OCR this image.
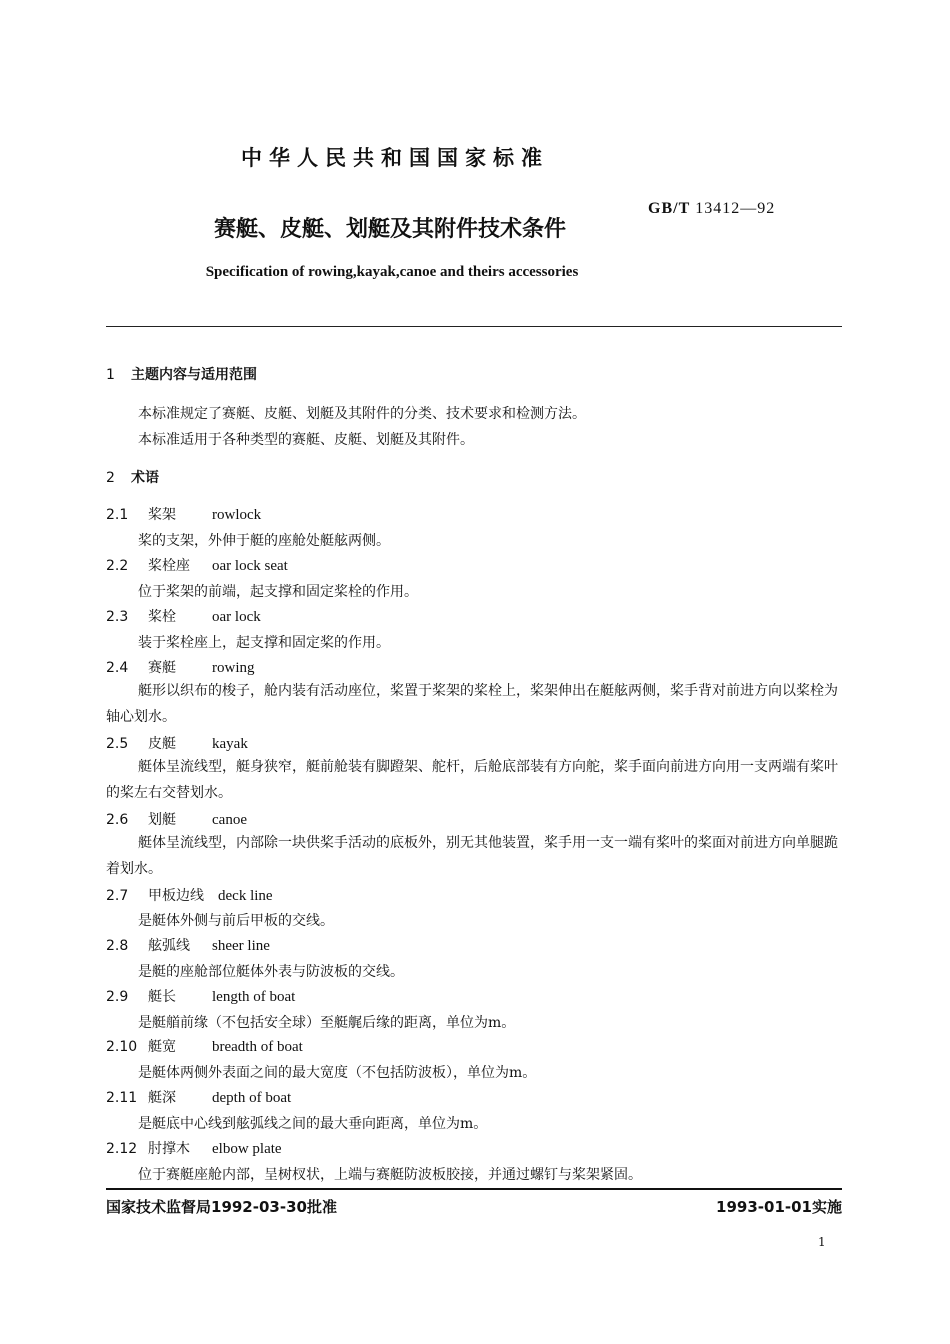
中华人民共和国国家标准
GB/T 13412—92
赛艇、皮艇、划艇及其附件技术条件
Specification of rowing,kayak,canoe and theirs accessories
1 主题内容与适用范围
本标准规定了赛艇、皮艇、划艇及其附件的分类、技术要求和检测方法。
本标准适用于各种类型的赛艇、皮艇、划艇及其附件。
2 术语
2.1 桨架 rowlock
桨的支架，外伸于艇的座舱处艇舷两侧。
2.2 桨栓座 oar lock seat
位于桨架的前端，起支撑和固定桨栓的作用。
2.3 桨栓 oar lock
装于桨栓座上，起支撑和固定桨的作用。
2.4 赛艇 rowing
艇形以织布的梭子，舱内装有活动座位，桨置于桨架的桨栓上，桨架伸出在艇舷两侧，桨手背对前进方向以桨栓为轴心划水。
2.5 皮艇 kayak
艇体呈流线型，艇身狭窄，艇前舱装有脚蹬架、舵杆，后舱底部装有方向舵，桨手面向前进方向用一支两端有桨叶的桨左右交替划水。
2.6 划艇 canoe
艇体呈流线型，内部除一块供桨手活动的底板外，别无其他装置，桨手用一支一端有桨叶的桨面对前进方向单腿跪着划水。
2.7 甲板边线 deck line
是艇体外侧与前后甲板的交线。
2.8 舷弧线 sheer line
是艇的座舱部位艇体外表与防波板的交线。
2.9 艇长 length of boat
是艇艏前缘（不包括安全球）至艇艉后缘的距离，单位为m。
2.10 艇宽 breadth of boat
是艇体两侧外表面之间的最大宽度（不包括防波板），单位为m。
2.11 艇深 depth of boat
是艇底中心线到舷弧线之间的最大垂向距离，单位为m。
2.12 肘撑木 elbow plate
位于赛艇座舱内部，呈树杈状，上端与赛艇防波板胶接，并通过螺钉与桨架紧固。
国家技术监督局1992-03-30批准	1993-01-01实施
1
